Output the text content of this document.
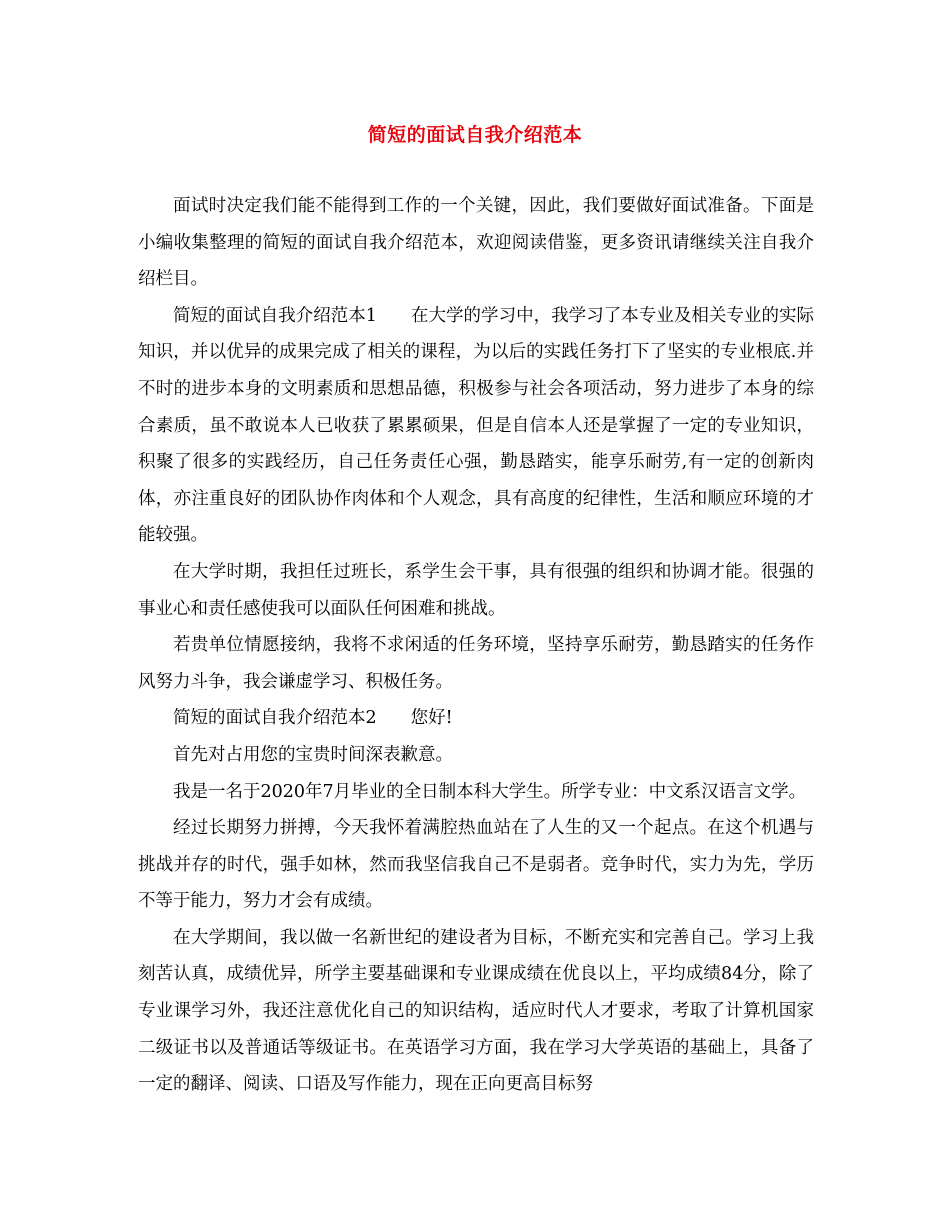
简短的面试自我介绍范本

面试时决定我们能不能得到工作的一个关键，因此，我们要做好面试准备。下面是小编收集整理的简短的面试自我介绍范本，欢迎阅读借鉴，更多资讯请继续关注自我介绍栏目。

简短的面试自我介绍范本1 在大学的学习中，我学习了本专业及相关专业的实际知识，并以优异的成果完成了相关的课程，为以后的实践任务打下了坚实的专业根底.并不时的进步本身的文明素质和思想品德，积极参与社会各项活动，努力进步了本身的综合素质，虽不敢说本人已收获了累累硕果，但是自信本人还是掌握了一定的专业知识，积聚了很多的实践经历，自己任务责任心强，勤恳踏实，能享乐耐劳,有一定的创新肉体，亦注重良好的团队协作肉体和个人观念，具有高度的纪律性，生活和顺应环境的才能较强。

在大学时期，我担任过班长，系学生会干事，具有很强的组织和协调才能。很强的事业心和责任感使我可以面队任何困难和挑战。

若贵单位情愿接纳，我将不求闲适的任务环境，坚持享乐耐劳，勤恳踏实的任务作风努力斗争，我会谦虚学习、积极任务。

简短的面试自我介绍范本2 您好!

首先对占用您的宝贵时间深表歉意。

我是一名于2020年7月毕业的全日制本科大学生。所学专业：中文系汉语言文学。

经过长期努力拼搏，今天我怀着满腔热血站在了人生的又一个起点。在这个机遇与挑战并存的时代，强手如林，然而我坚信我自己不是弱者。竞争时代，实力为先，学历不等于能力，努力才会有成绩。

在大学期间，我以做一名新世纪的建设者为目标，不断充实和完善自己。学习上我刻苦认真，成绩优异，所学主要基础课和专业课成绩在优良以上，平均成绩84分，除了专业课学习外，我还注意优化自己的知识结构，适应时代人才要求，考取了计算机国家二级证书以及普通话等级证书。在英语学习方面，我在学习大学英语的基础上，具备了一定的翻译、阅读、口语及写作能力，现在正向更高目标努
